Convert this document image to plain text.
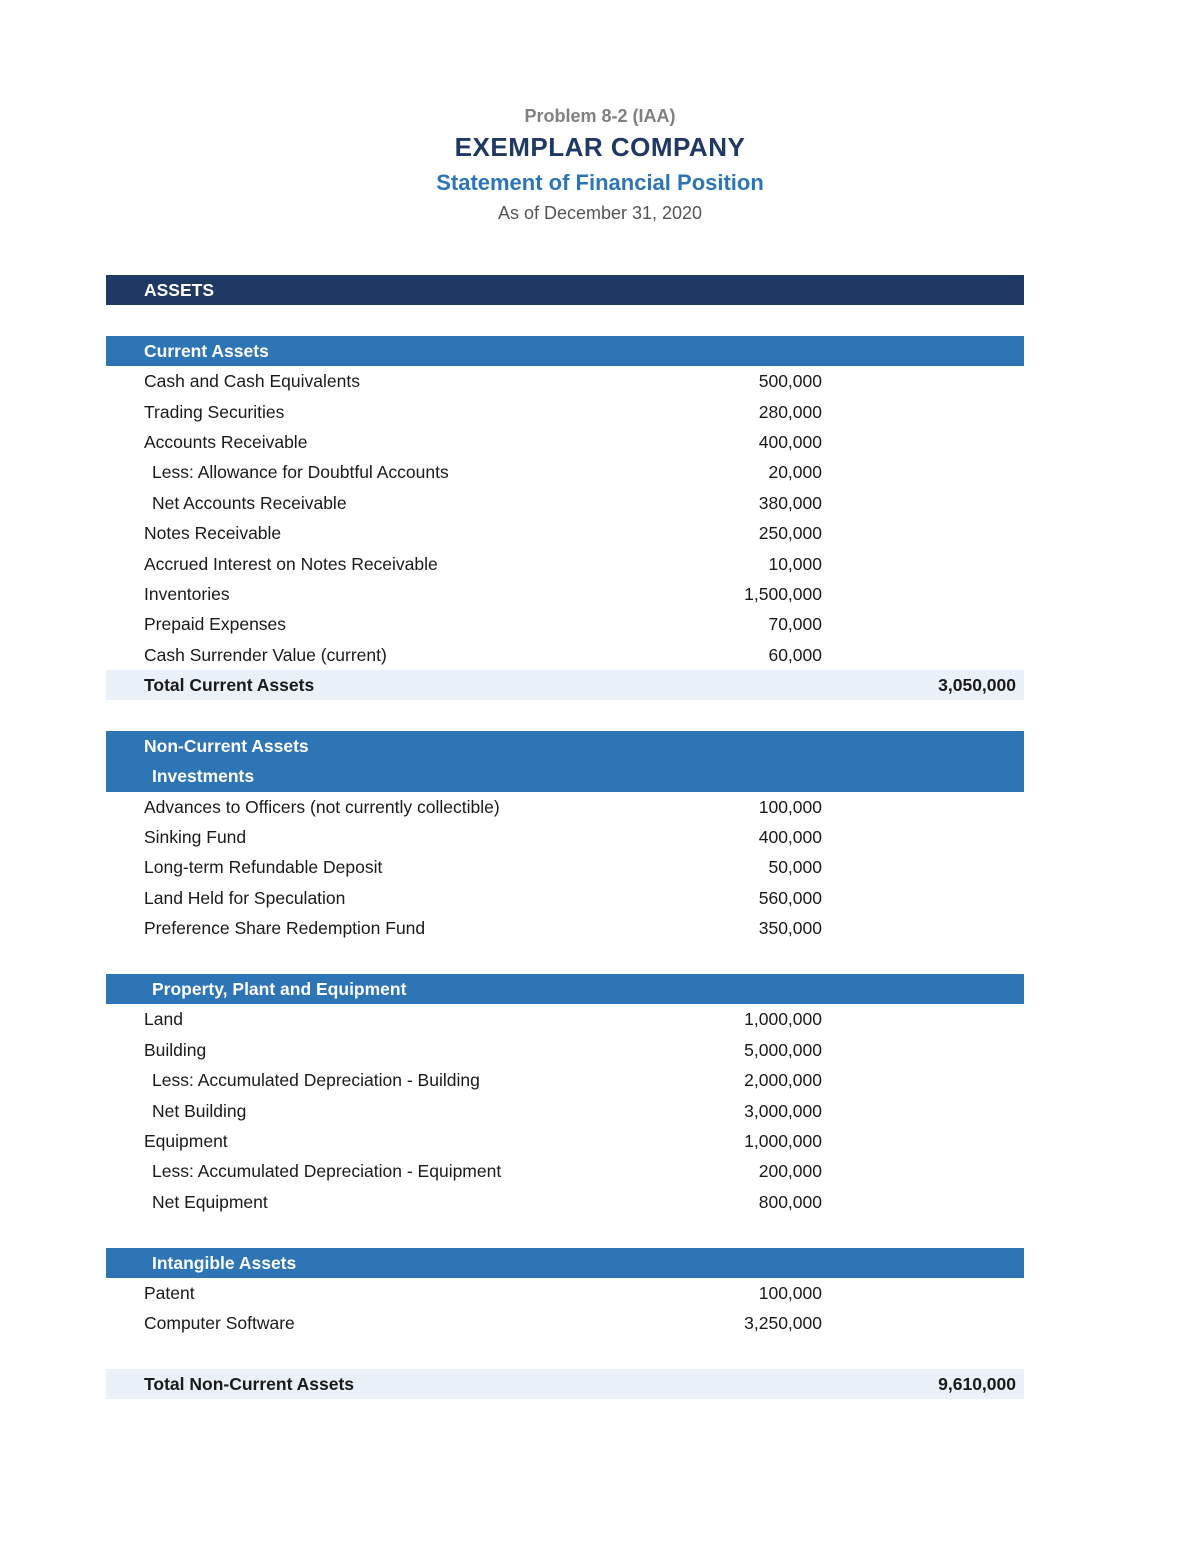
Problem 8-2 (IAA)
EXEMPLAR COMPANY
Statement of Financial Position
As of December 31, 2020
ASSETS
Current Assets
Cash and Cash Equivalents	500,000
Trading Securities	280,000
Accounts Receivable	400,000
Less: Allowance for Doubtful Accounts	20,000
Net Accounts Receivable	380,000
Notes Receivable	250,000
Accrued Interest on Notes Receivable	10,000
Inventories	1,500,000
Prepaid Expenses	70,000
Cash Surrender Value (current)	60,000
Total Current Assets	3,050,000
Non-Current Assets
Investments
Advances to Officers (not currently collectible)	100,000
Sinking Fund	400,000
Long-term Refundable Deposit	50,000
Land Held for Speculation	560,000
Preference Share Redemption Fund	350,000
Property, Plant and Equipment
Land	1,000,000
Building	5,000,000
Less: Accumulated Depreciation - Building	2,000,000
Net Building	3,000,000
Equipment	1,000,000
Less: Accumulated Depreciation - Equipment	200,000
Net Equipment	800,000
Intangible Assets
Patent	100,000
Computer Software	3,250,000
Total Non-Current Assets	9,610,000
